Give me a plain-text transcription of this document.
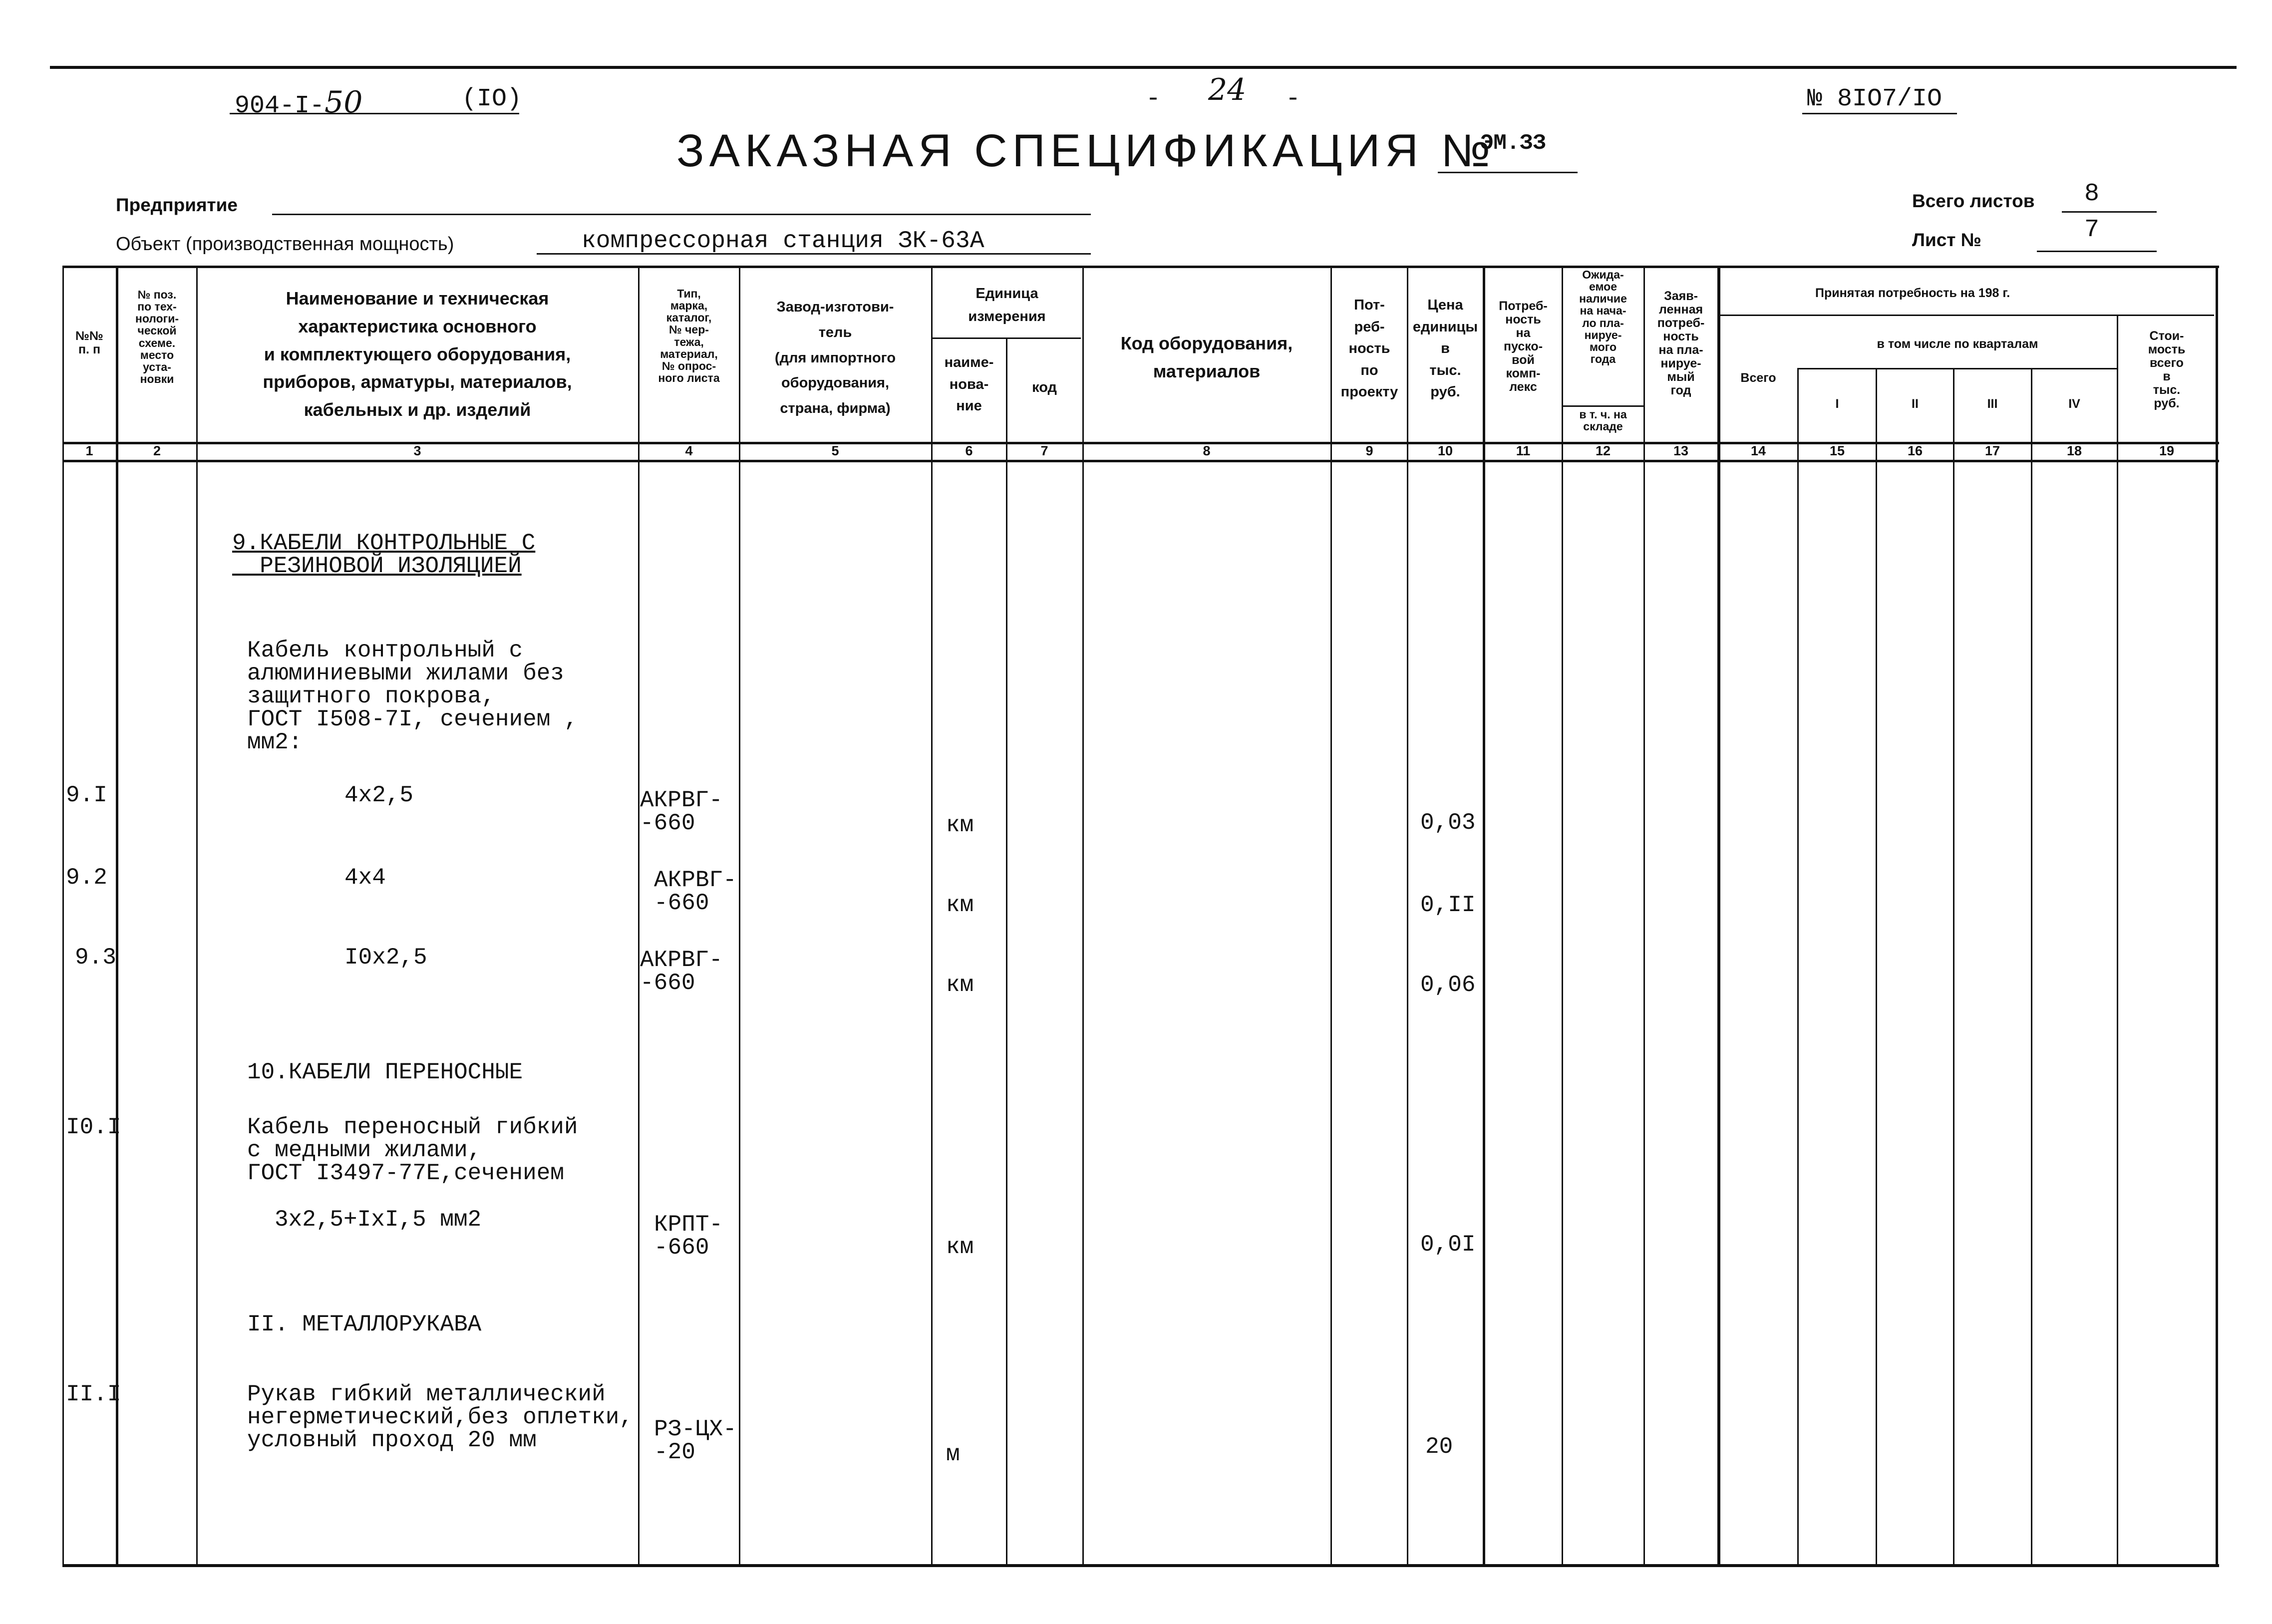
904-I-50	(IO)	- 24 -	№ 8IO7/IO
ЗАКАЗНАЯ СПЕЦИФИКАЦИЯ №
ЭМ.ЗЗ
Предприятие
Объект (производственная мощность)	компрессорная станция ЗК-63А
Всего листов 8
Лист №	7
№№
п. п
№ поз.
по тех-
нологи-
ческой
схеме.
место
уста-
новки
Наименование и техническая
характеристика основного
и комплектующего оборудования,
приборов, арматуры, материалов,
кабельных и др. изделий
Тип,
марка,
каталог,
№ чер-
тежа,
материал,
№ опрос-
ного листа
Завод-изготови-
тель
(для импортного
оборудования,
страна, фирма)
Единица
измерения
наиме-
нова-
ние
код
Код оборудования,
материалов
Пот-
реб-
ность
по
проекту
Цена
единицы
в
тыс.
руб.
Потреб-
ность
на
пуско-
вой
комп-
лекс
Ожида-
емое
наличие
на нача-
ло пла-
нируе-
мого
года
в т. ч. на
складе
Заяв-
ленная
потреб-
ность
на пла-
нируе-
мый
год
Принятая потребность на 198 г.
Всего
в том числе по кварталам
I	II	III	IV
Стои-
мость
всего
в
тыс.
руб.
1	2	3	4	5	6	7	8	9	10	11	12	13	14	15	16	17	18	19
9.КАБЕЛИ КОНТРОЛЬНЫЕ С
РЕЗИНОВОЙ ИЗОЛЯЦИЕЙ
Кабель контрольный с
алюминиевыми жилами без
защитного покрова,
ГОСТ I508-7I, сечением ,
мм2:
9.I	4х2,5	АКРВГ-
-660	км	0,03
9.2	4х4	АКРВГ-
-660	км	0,II
9.3	I0х2,5	АКРВГ-
-660	км	0,06
10.КАБЕЛИ ПЕРЕНОСНЫЕ
I0.I	Кабель переносный гибкий
с медными жилами,
ГОСТ I3497-77Е,сечением
3х2,5+IхI,5 мм2	КРПТ-
-660	км	0,0I
II. МЕТАЛЛОРУКАВА
II.I	Рукав гибкий металлический
негерметический,без оплетки,
условный проход 20 мм	РЗ-ЦХ-
-20	м	20
